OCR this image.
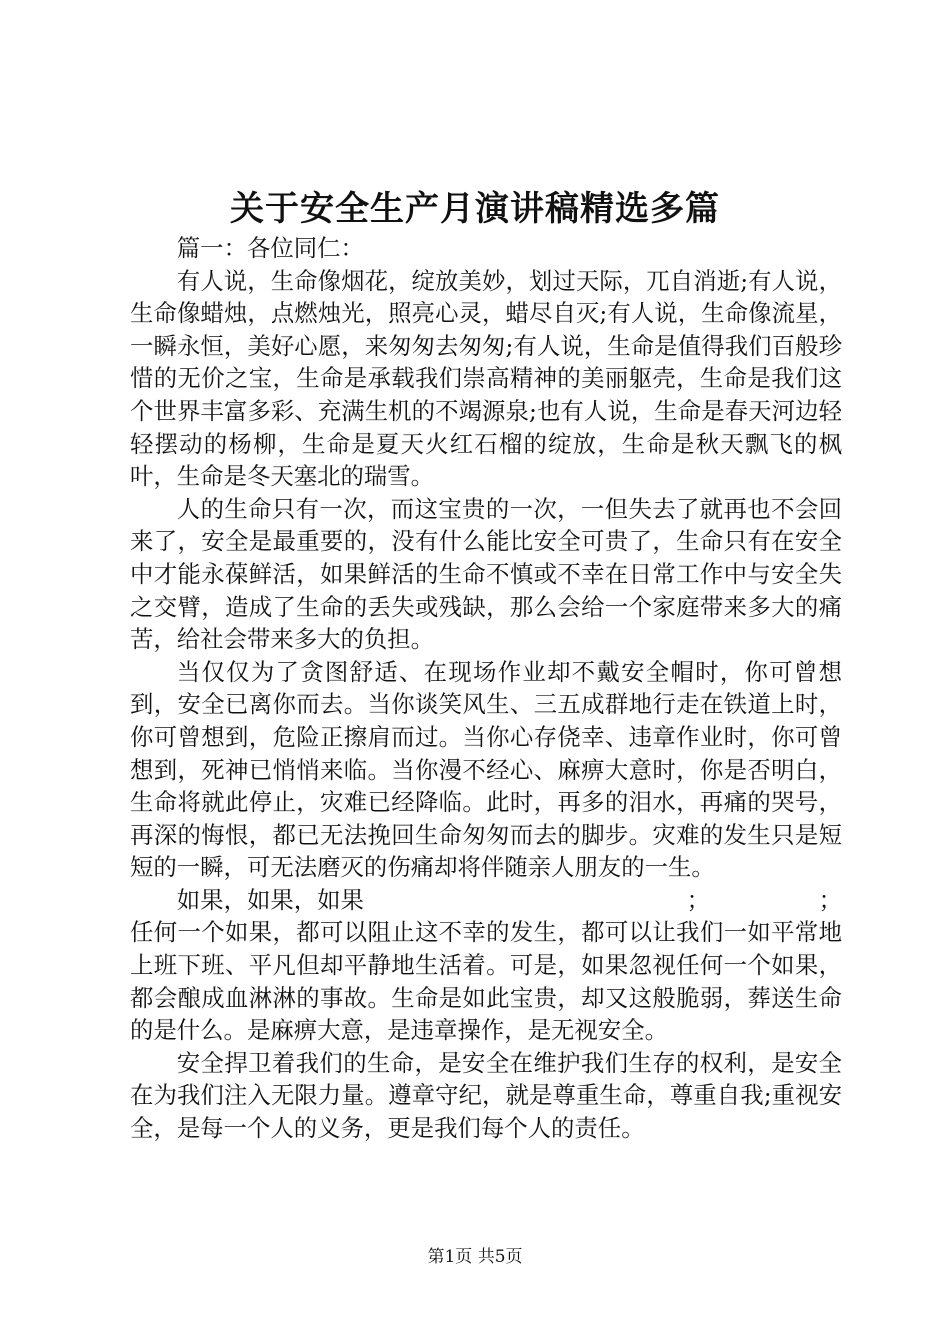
关于安全生产月演讲稿精选多篇

篇一：各位同仁：

有人说，生命像烟花，绽放美妙，划过天际，兀自消逝;有人说，生命像蜡烛，点燃烛光，照亮心灵，蜡尽自灭;有人说，生命像流星，一瞬永恒，美好心愿，来匆匆去匆匆;有人说，生命是值得我们百般珍惜的无价之宝，生命是承载我们崇高精神的美丽躯壳，生命是我们这个世界丰富多彩、充满生机的不竭源泉;也有人说，生命是春天河边轻轻摆动的杨柳，生命是夏天火红石榴的绽放，生命是秋天飘飞的枫叶，生命是冬天塞北的瑞雪。

人的生命只有一次，而这宝贵的一次，一但失去了就再也不会回来了，安全是最重要的，没有什么能比安全可贵了，生命只有在安全中才能永葆鲜活，如果鲜活的生命不慎或不幸在日常工作中与安全失之交臂，造成了生命的丢失或残缺，那么会给一个家庭带来多大的痛苦，给社会带来多大的负担。

当仅仅为了贪图舒适、在现场作业却不戴安全帽时，你可曾想到，安全已离你而去。当你谈笑风生、三五成群地行走在铁道上时，你可曾想到，危险正擦肩而过。当你心存侥幸、违章作业时，你可曾想到，死神已悄悄来临。当你漫不经心、麻痹大意时，你是否明白，生命将就此停止，灾难已经降临。此时，再多的泪水，再痛的哭号，再深的悔恨，都已无法挽回生命匆匆而去的脚步。灾难的发生只是短短的一瞬，可无法磨灭的伤痛却将伴随亲人朋友的一生。

如果，如果，如果	；	；

任何一个如果，都可以阻止这不幸的发生，都可以让我们一如平常地上班下班、平凡但却平静地生活着。可是，如果忽视任何一个如果，都会酿成血淋淋的事故。生命是如此宝贵，却又这般脆弱，葬送生命的是什么。是麻痹大意，是违章操作，是无视安全。

安全捍卫着我们的生命，是安全在维护我们生存的权利，是安全在为我们注入无限力量。遵章守纪，就是尊重生命，尊重自我;重视安全，是每一个人的义务，更是我们每个人的责任。

第1页 共5页
